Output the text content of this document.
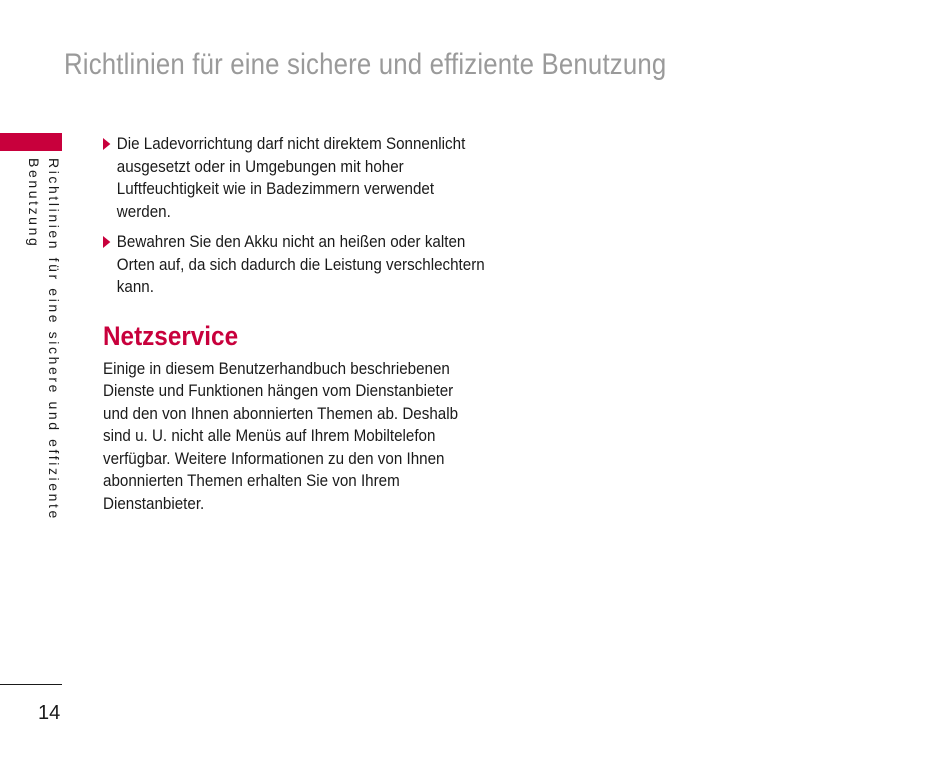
Richtlinien für eine sichere und effiziente Benutzung
Richtlinien für eine sichere und effiziente
Benutzung
Die Ladevorrichtung darf nicht direktem Sonnenlicht ausgesetzt oder in Umgebungen mit hoher Luftfeuchtigkeit wie in Badezimmern verwendet werden.
Bewahren Sie den Akku nicht an heißen oder kalten Orten auf, da sich dadurch die Leistung verschlechtern kann.
Netzservice

Einige in diesem Benutzerhandbuch beschriebenen Dienste und Funktionen hängen vom Dienstanbieter und den von Ihnen abonnierten Themen ab. Deshalb sind u. U. nicht alle Menüs auf Ihrem Mobiltelefon verfügbar. Weitere Informationen zu den von Ihnen abonnierten Themen erhalten Sie von Ihrem Dienstanbieter.

14
